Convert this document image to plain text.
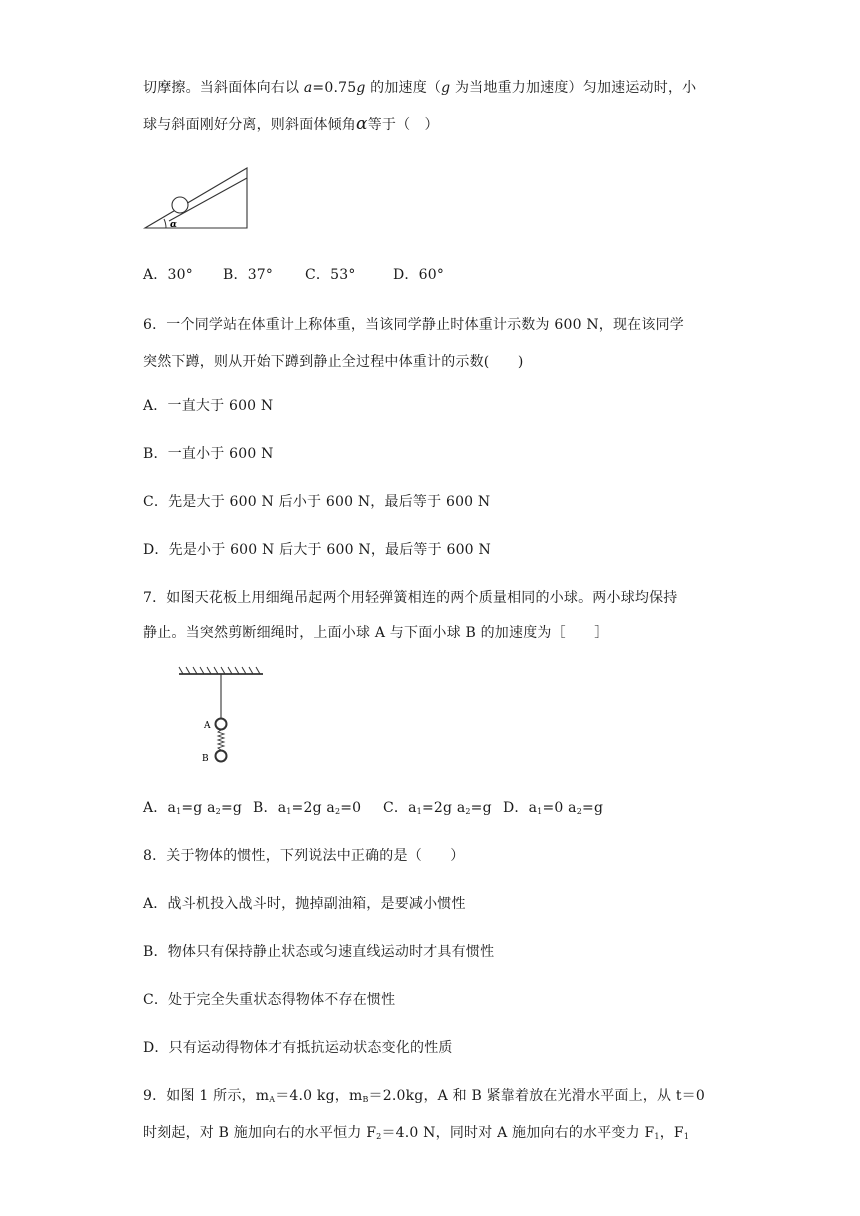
切摩擦。当斜面体向右以 a=0.75g 的加速度（g 为当地重力加速度）匀加速运动时，小
球与斜面刚好分离，则斜面体倾角α等于（　）
α
A．30° B．37° C．53°	D．60°
6．一个同学站在体重计上称体重，当该同学静止时体重计示数为 600 N，现在该同学
突然下蹲，则从开始下蹲到静止全过程中体重计的示数(　　)
A．一直大于 600 N
B．一直小于 600 N
C．先是大于 600 N 后小于 600 N，最后等于 600 N
D．先是小于 600 N 后大于 600 N，最后等于 600 N
7．如图天花板上用细绳吊起两个用轻弹簧相连的两个质量相同的小球。两小球均保持
静止。当突然剪断细绳时，上面小球 A 与下面小球 B 的加速度为［　　］
A
B
A．$a_1=g$ $a_2=g$ B．$a_1=2g$ $a_2=0$ C．$a_1=2g$ $a_2=g$ D．$a_1=0$ $a_2=g$
8．关于物体的惯性，下列说法中正确的是（　　）
A．战斗机投入战斗时，抛掉副油箱，是要减小惯性
B．物体只有保持静止状态或匀速直线运动时才具有惯性
C．处于完全失重状态得物体不存在惯性
D．只有运动得物体才有抵抗运动状态变化的性质
9．如图 1 所示，$m_A=4.0$ kg，$m_B=2.0kg$，A 和 B 紧靠着放在光滑水平面上，从 t＝0
时刻起，对 B 施加向右的水平恒力 $F_2=4.0$ N，同时对 A 施加向右的水平变力 $F_1$，$F_1$
